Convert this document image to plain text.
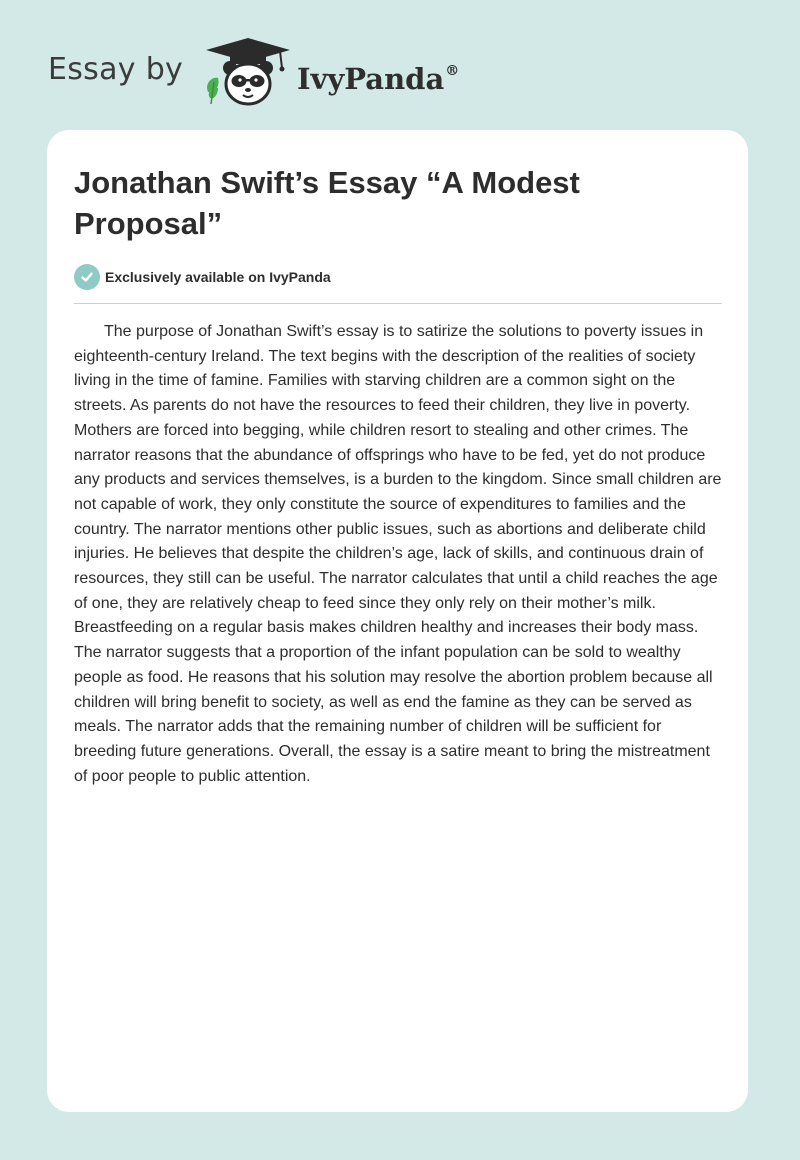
Essay by	IvyPanda®
Jonathan Swift’s Essay “A Modest Proposal”
Exclusively available on IvyPanda

The purpose of Jonathan Swift’s essay is to satirize the solutions to poverty issues in eighteenth-century Ireland. The text begins with the description of the realities of society living in the time of famine. Families with starving children are a common sight on the streets. As parents do not have the resources to feed their children, they live in poverty. Mothers are forced into begging, while children resort to stealing and other crimes. The narrator reasons that the abundance of offsprings who have to be fed, yet do not produce any products and services themselves, is a burden to the kingdom. Since small children are not capable of work, they only constitute the source of expenditures to families and the country. The narrator mentions other public issues, such as abortions and deliberate child injuries. He believes that despite the children’s age, lack of skills, and continuous drain of resources, they still can be useful. The narrator calculates that until a child reaches the age of one, they are relatively cheap to feed since they only rely on their mother’s milk. Breastfeeding on a regular basis makes children healthy and increases their body mass. The narrator suggests that a proportion of the infant population can be sold to wealthy people as food. He reasons that his solution may resolve the abortion problem because all children will bring benefit to society, as well as end the famine as they can be served as meals. The narrator adds that the remaining number of children will be sufficient for breeding future generations. Overall, the essay is a satire meant to bring the mistreatment of poor people to public attention.
